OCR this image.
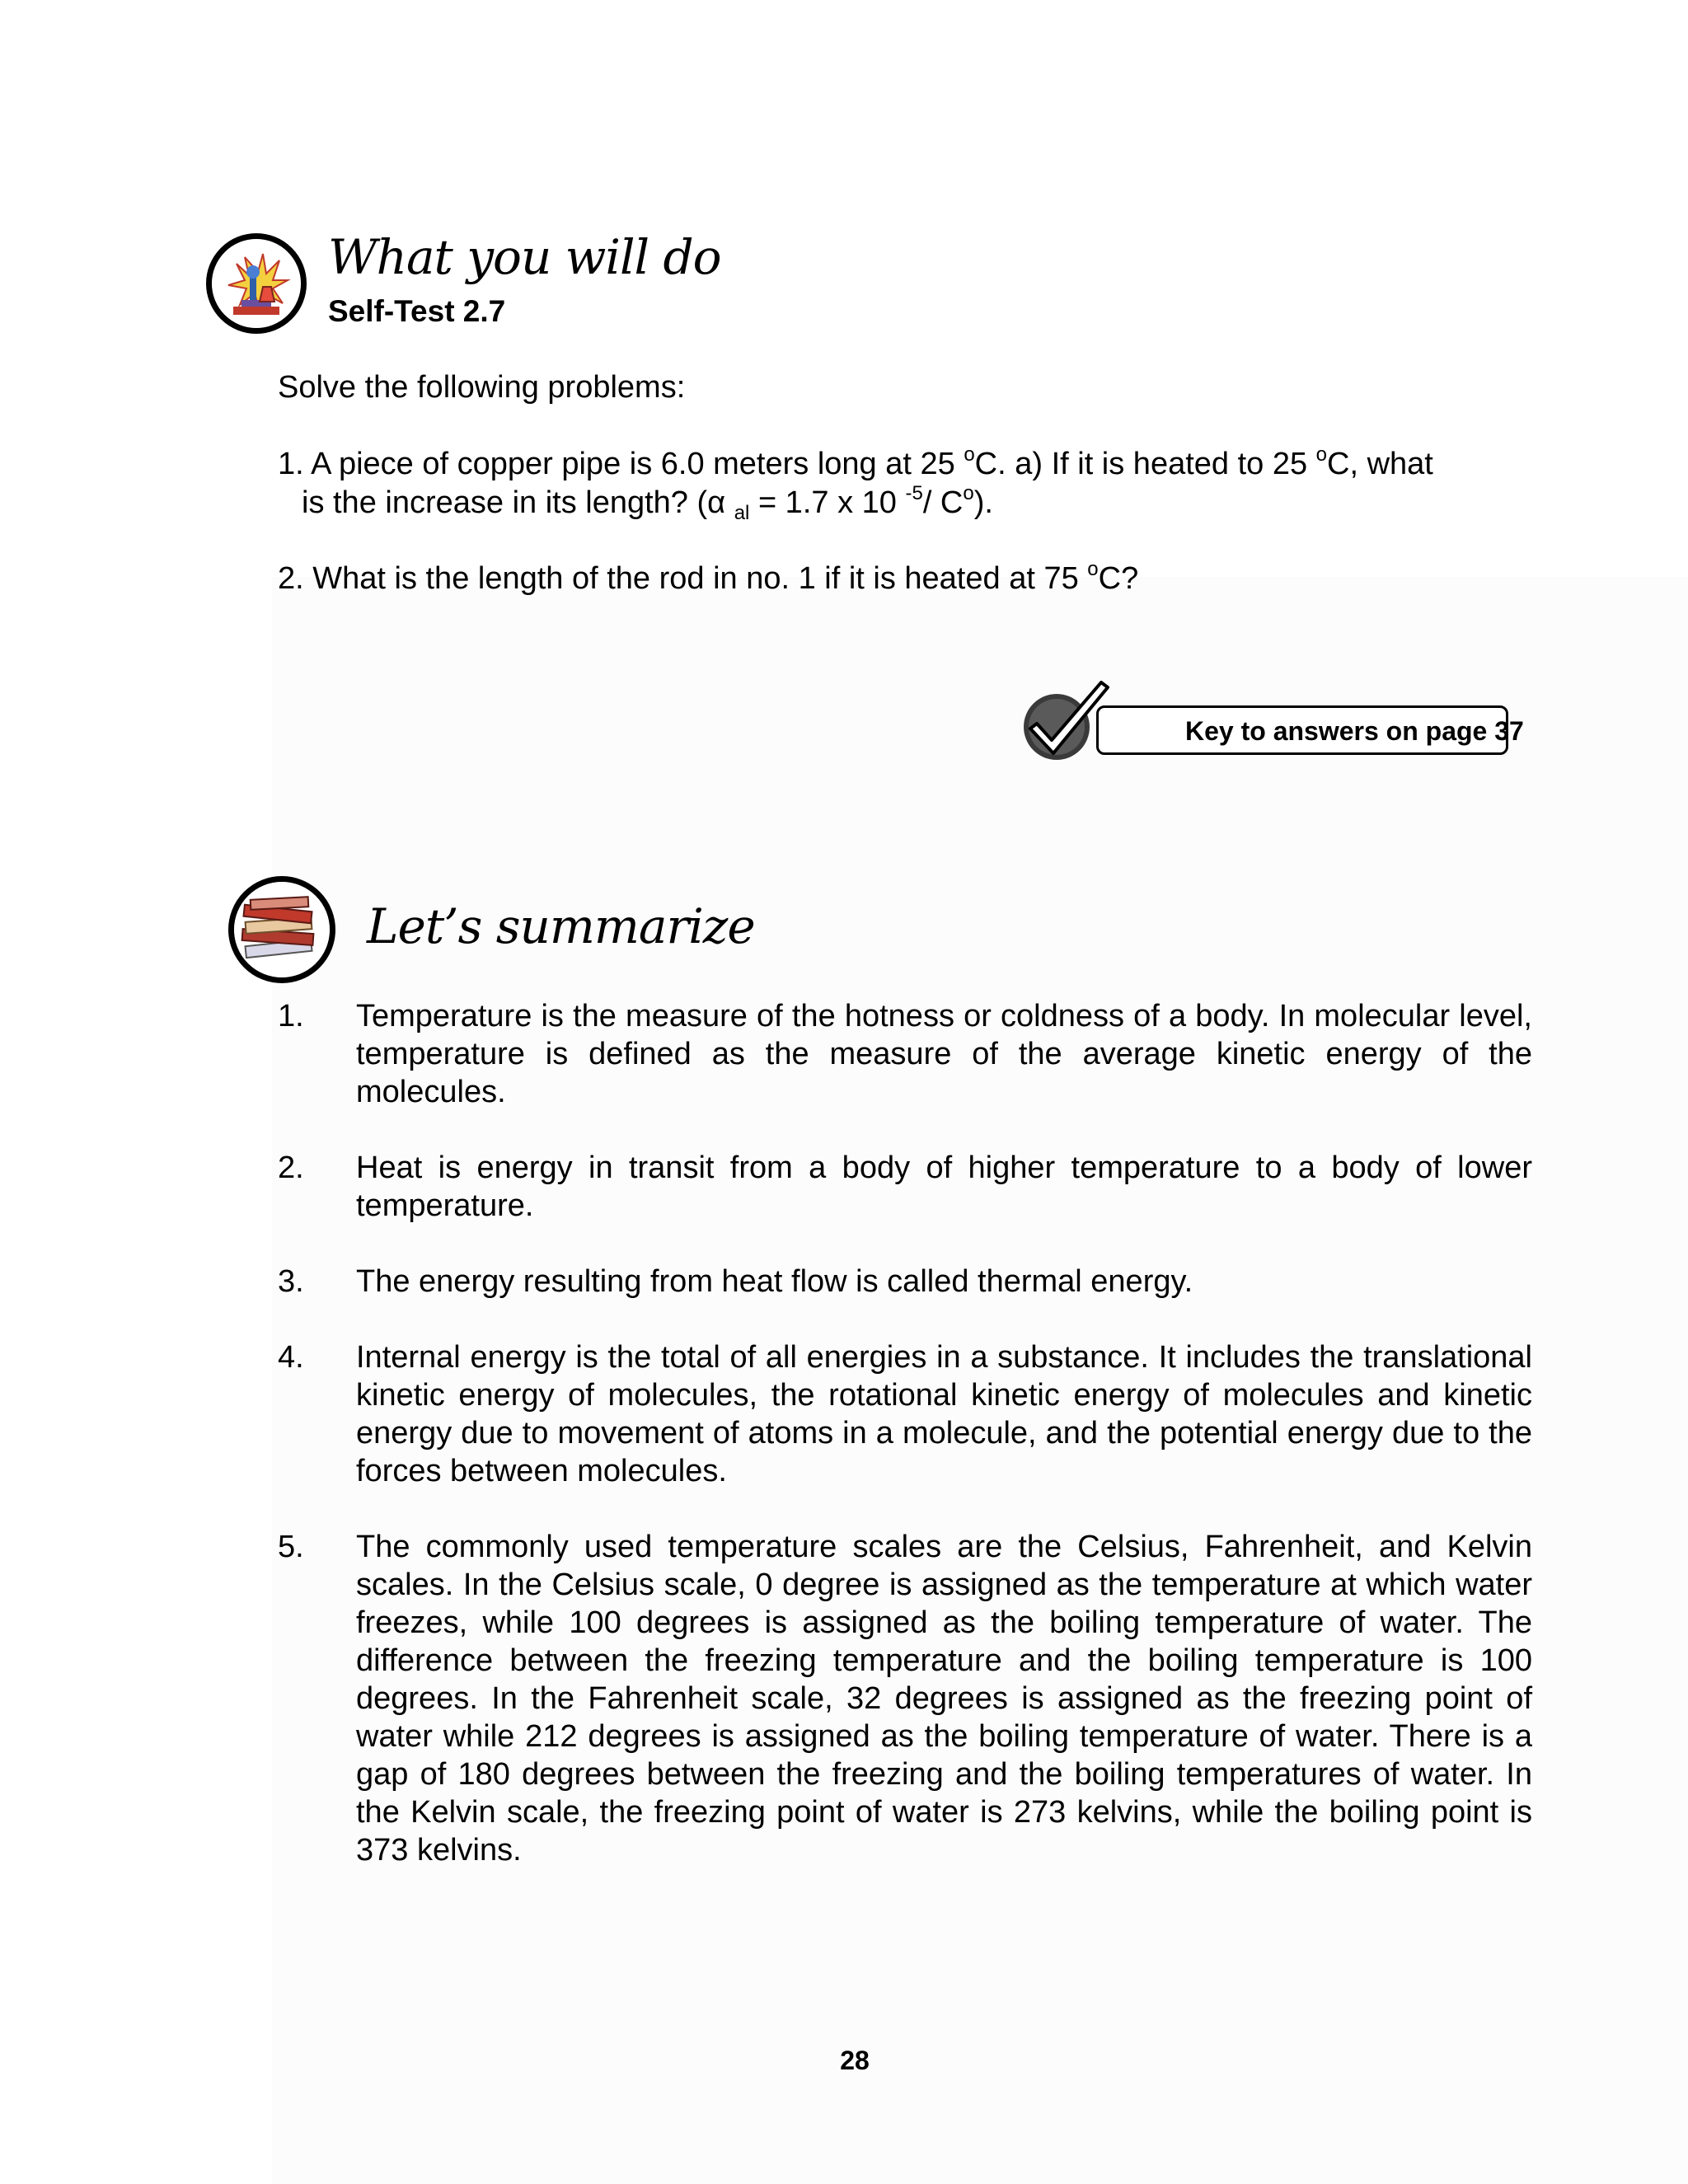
What you will do
Self-Test 2.7
Solve the following problems:
1. A piece of copper pipe is 6.0 meters long at 25 $^o$C. a) If it is heated to 25 $^o$C, what
is the increase in its length? (α $_{al}$ = 1.7 x 10 $^{-5}$/ $C^o$).
2. What is the length of the rod in no. 1 if it is heated at 75 $^o$C?
Key to answers on page 37
Let’s summarize
1. Temperature is the measure of the hotness or coldness of a body. In molecular level, temperature is defined as the measure of the average kinetic energy of the molecules.
2. Heat is energy in transit from a body of higher temperature to a body of lower temperature.
3. The energy resulting from heat flow is called thermal energy.
4. Internal energy is the total of all energies in a substance. It includes the translational kinetic energy of molecules, the rotational kinetic energy of molecules and kinetic energy due to movement of atoms in a molecule, and the potential energy due to the forces between molecules.
5. The commonly used temperature scales are the Celsius, Fahrenheit, and Kelvin scales. In the Celsius scale, 0 degree is assigned as the temperature at which water freezes, while 100 degrees is assigned as the boiling temperature of water. The difference between the freezing temperature and the boiling temperature is 100 degrees. In the Fahrenheit scale, 32 degrees is assigned as the freezing point of water while 212 degrees is assigned as the boiling temperature of water. There is a gap of 180 degrees between the freezing and the boiling temperatures of water. In the Kelvin scale, the freezing point of water is 273 kelvins, while the boiling point is 373 kelvins.
28
